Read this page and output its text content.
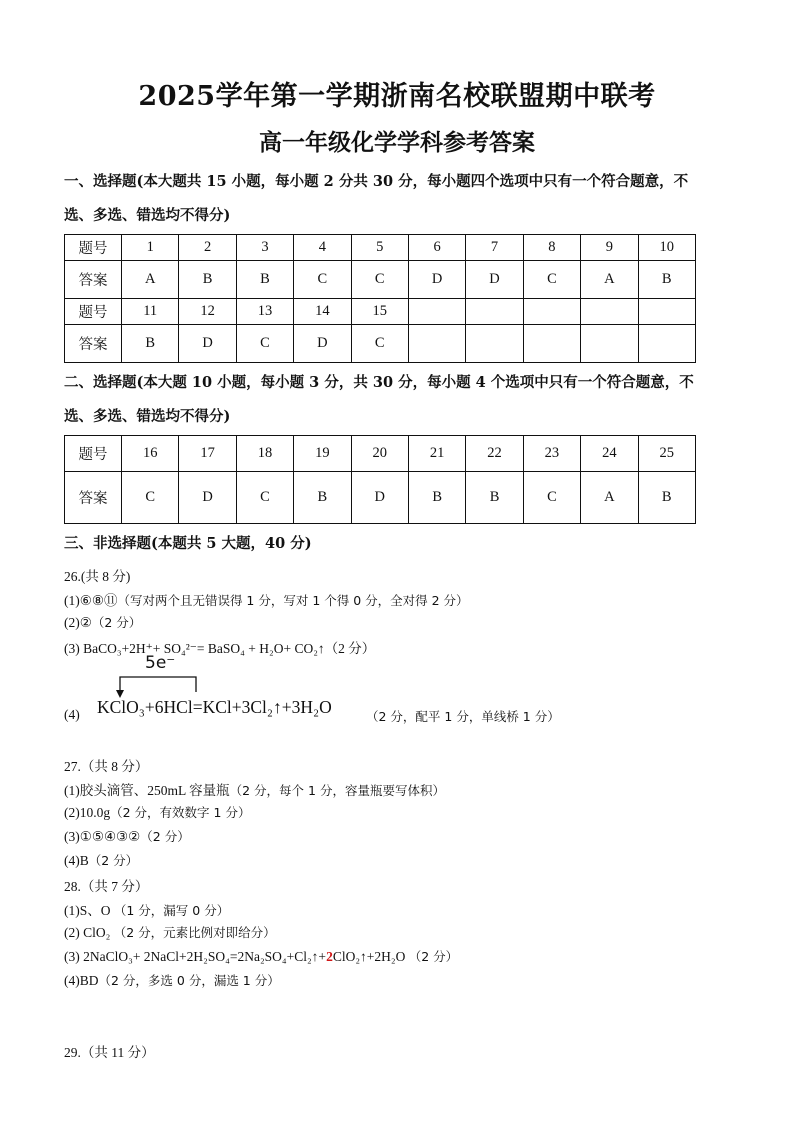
2025学年第一学期浙南名校联盟期中联考
高一年级化学学科参考答案
一、选择题(本大题共 15 小题，每小题 2 分共 30 分，每小题四个选项中只有一个符合题意，不
选、多选、错选均不得分)
题号	1	2	3	4	5	6	7	8	9	10
答案	A	B	B	C	C	D	D	C	A	B
题号	11	12	13	14	15					
答案	B	D	C	D	C					
二、选择题(本大题 10 小题，每小题 3 分，共 30 分，每小题 4 个选项中只有一个符合题意，不
选、多选、错选均不得分)
题号	16	17	18	19	20	21	22	23	24	25
答案	C	D	C	B	D	B	B	C	A	B
三、非选择题(本题共 5 大题，40 分)
26.(共 8 分)
(1)⑥⑧⑪（写对两个且无错误得 1 分，写对 1 个得 0 分，全对得 2 分）
(2)②（2 分）
(3) BaCO₃+2H⁺+ SO₄²⁻= BaSO₄ + H₂O+ CO₂↑（2 分）
5e⁻
(4) KClO₃+6HCl=KCl+3Cl₂↑+3H₂O	（2 分，配平 1 分，单线桥 1 分）
27.（共 8 分）
(1)胶头滴管、250mL 容量瓶（2 分，每个 1 分，容量瓶要写体积）
(2)10.0g（2 分，有效数字 1 分）
(3)①⑤④③②（2 分）
(4)B（2 分）
28.（共 7 分）
(1)S、O （1 分，漏写 0 分）
(2) ClO₂ （2 分，元素比例对即给分）
(3) 2NaClO₃+ 2NaCl+2H₂SO₄=2Na₂SO₄+Cl₂↑+2ClO₂↑+2H₂O （2 分）
(4)BD（2 分，多选 0 分，漏选 1 分）
29.（共 11 分）
